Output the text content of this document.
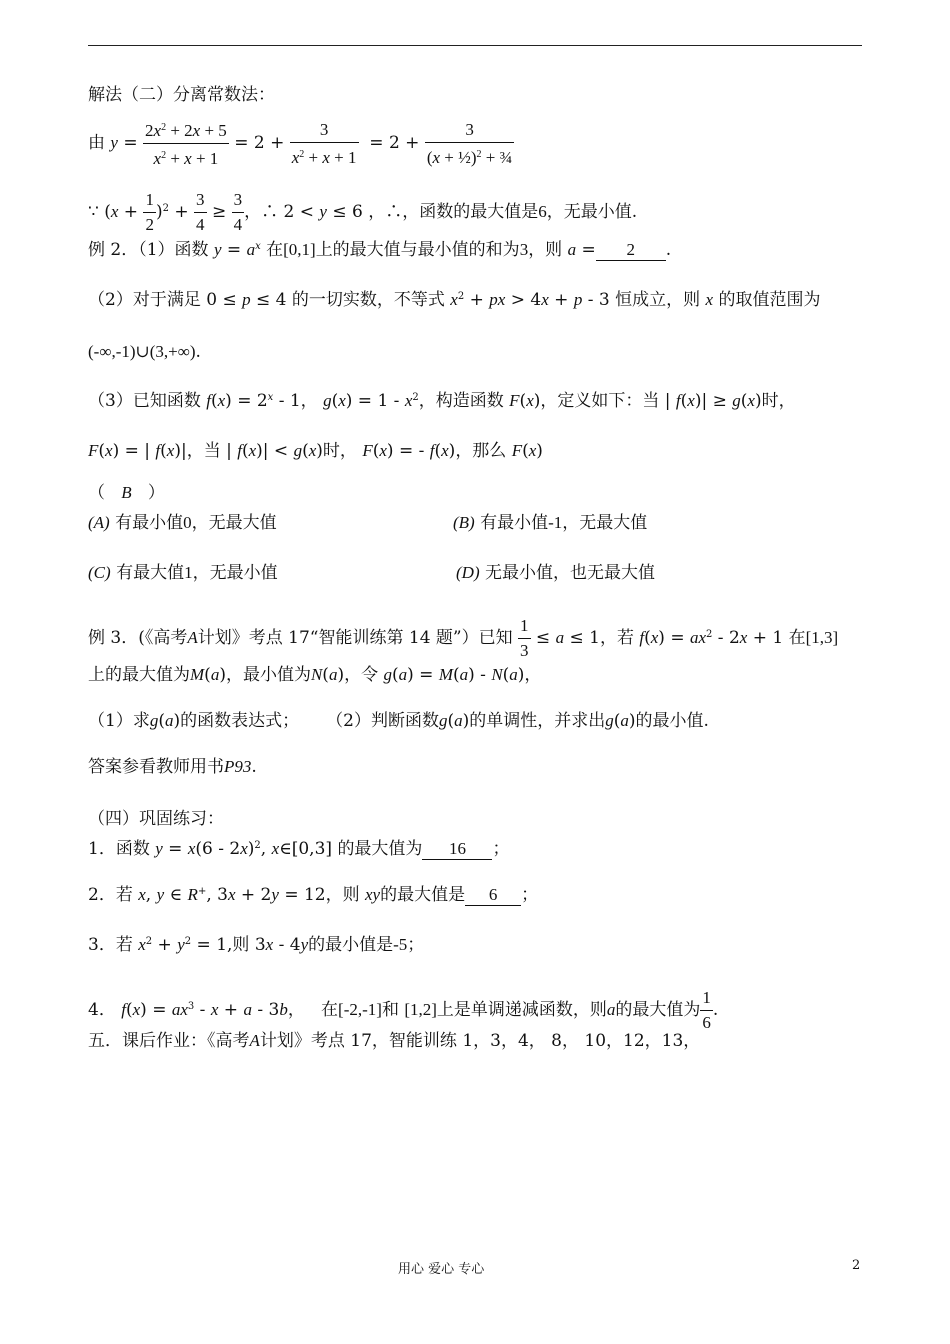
解法（二）分离常数法：
由 $y = \frac{2x^2 + 2x + 5}{x^2 + x + 1} = 2 + \frac{3}{x^2 + x + 1} = 2 + \frac{3}{(x + \frac{1}{2})^2 + \frac{3}{4}}$
∵ $(x + \frac{1}{2} )^2 + \frac{3}{4} \ge \frac{3}{4}$ ，∴ 2 < y ≤ 6 ，∴，函数的最大值是6，无最小值.
例 2．（1）函数 $y = a^x$ 在[0,1]上的最大值与最小值的和为3，则 a = 2 .
（2）对于满足 0 ≤ p ≤ 4 的一切实数，不等式 $x^2$ + px > 4x + p - 3 恒成立，则 x 的取值范围为
(-∞,-1)∪(3,+∞).
（3）已知函数 $f(x) = 2^x - 1$， $g(x) = 1 - x^2$，构造函数 F(x)，定义如下：当 | f(x)| ≥ g(x)时，
F(x) = | f(x)|，当 | f(x)| < g(x)时， F(x) = - f(x)，那么 F(x)
（ B ）
(A) 有最小值0，无最大值	(B) 有最小值-1，无最大值
(C) 有最大值1，无最小值	(D) 无最小值，也无最大值
例 3．(《高考A计划》考点 17“智能训练第 14 题”）已知 $\frac{1}{3} \le a \le 1$，若 $f(x) = ax^2 - 2x + 1$ 在[1,3]
上的最大值为M(a)，最小值为N(a)，令 g(a) = M(a) - N(a)，
（1）求g(a)的函数表达式； （2）判断函数g(a)的单调性，并求出g(a)的最小值.
答案参看教师用书P93.
（四）巩固练习：
1．函数 y = x(6 - 2x)$^2$, x∈[0,3] 的最大值为 16 ；
2．若 x, y ∈ R+, 3x + 2y = 12，则 xy的最大值是 6 ；
3．若 $x^2 + y^2 = 1$,则 3x - 4y的最小值是-5；
4． $f(x) = ax^3 - x + a - 3b$，   在[-2,-1]和 [1,2]上是单调递减函数，则a的最大值为 $\frac{1}{6}$ .
五．课后作业：《高考A计划》考点 17，智能训练 1，3，4， 8， 10，12，13，
用心 爱心 专心	2
